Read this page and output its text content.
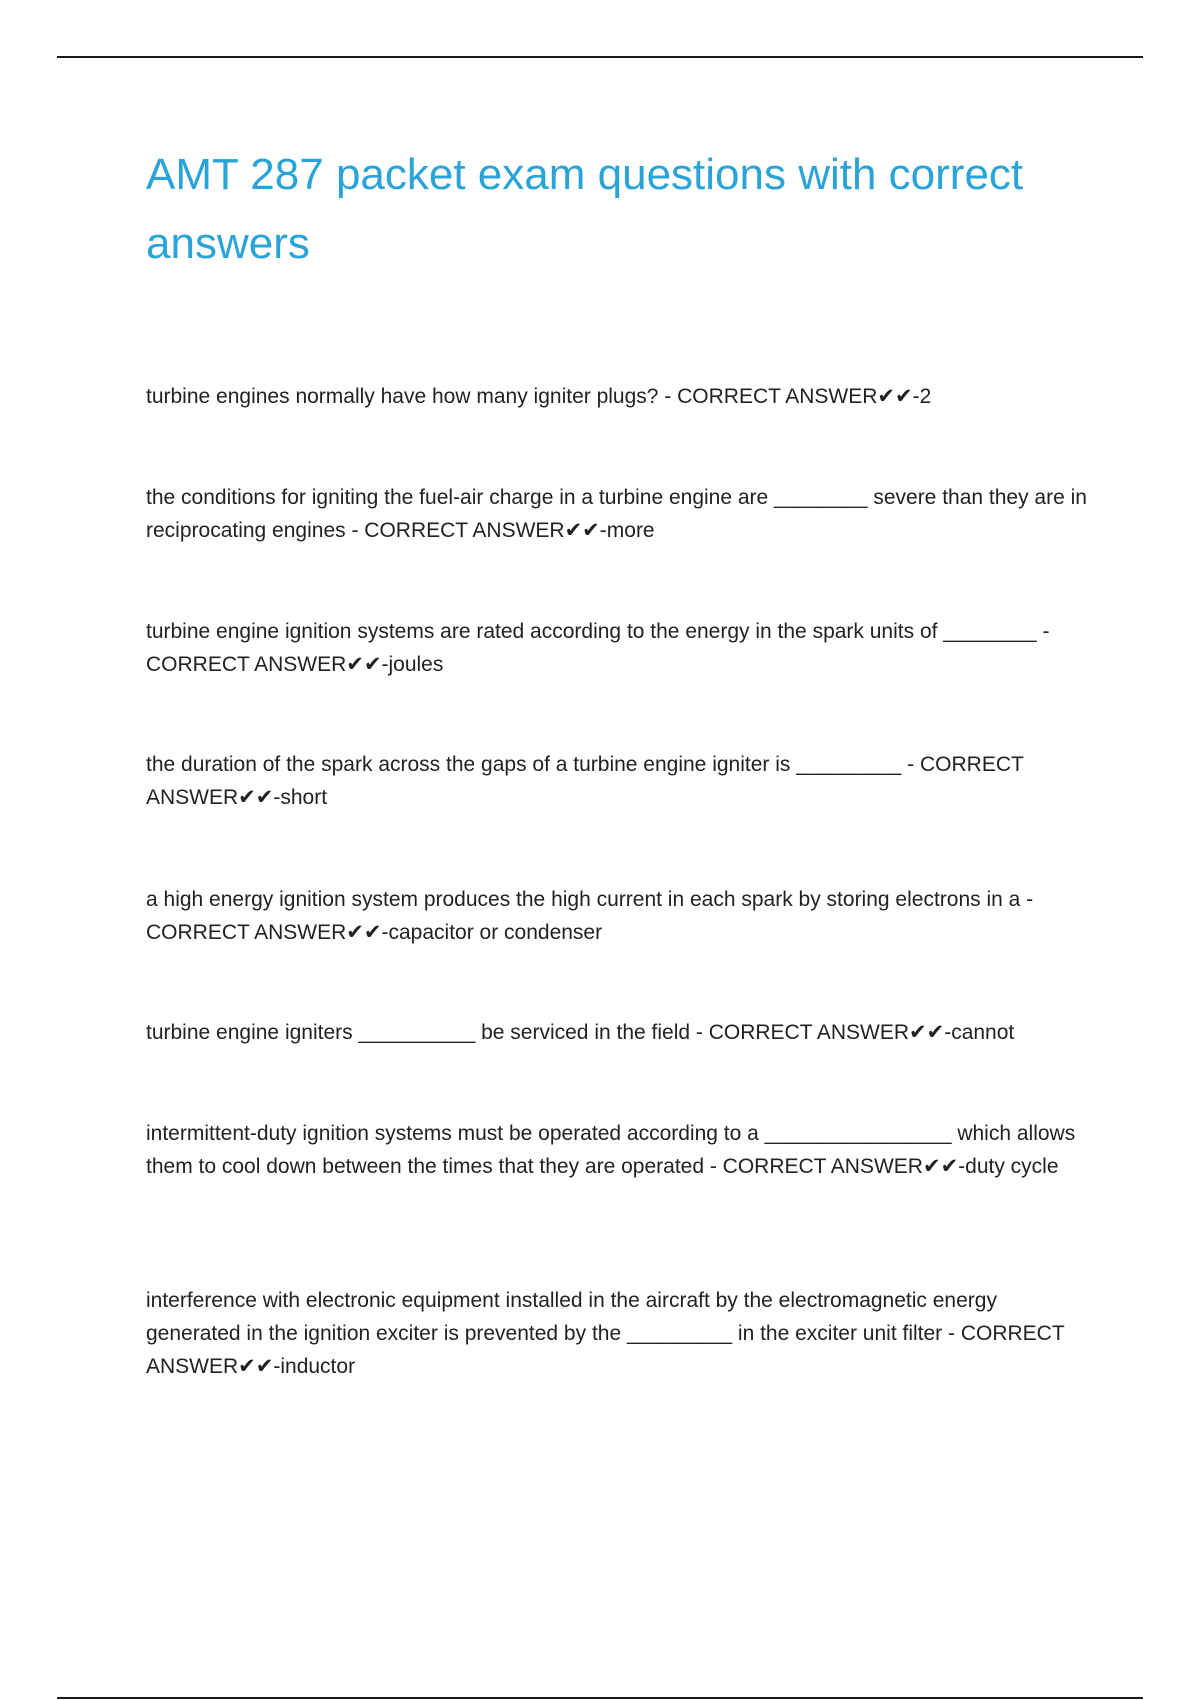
AMT 287 packet exam questions with correct answers

turbine engines normally have how many igniter plugs? - CORRECT ANSWER✔✔-2

the conditions for igniting the fuel-air charge in a turbine engine are ________ severe than they are in reciprocating engines - CORRECT ANSWER✔✔-more

turbine engine ignition systems are rated according to the energy in the spark units of ________ - CORRECT ANSWER✔✔-joules

the duration of the spark across the gaps of a turbine engine igniter is _________ - CORRECT ANSWER✔✔-short

a high energy ignition system produces the high current in each spark by storing electrons in a - CORRECT ANSWER✔✔-capacitor or condenser

turbine engine igniters __________ be serviced in the field - CORRECT ANSWER✔✔-cannot

intermittent-duty ignition systems must be operated according to a ________________ which allows them to cool down between the times that they are operated - CORRECT ANSWER✔✔-duty cycle

interference with electronic equipment installed in the aircraft by the electromagnetic energy generated in the ignition exciter is prevented by the _________ in the exciter unit filter - CORRECT ANSWER✔✔-inductor
